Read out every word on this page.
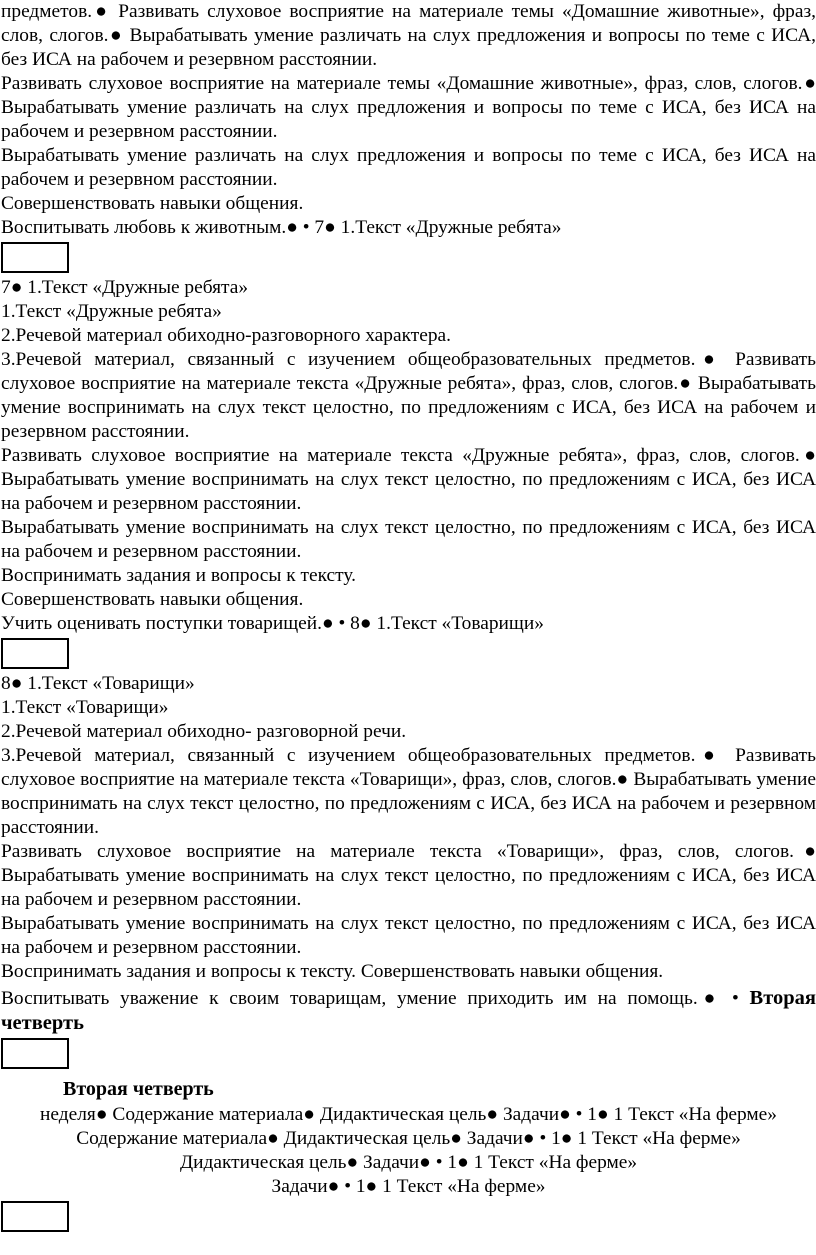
предметов.● Развивать слуховое восприятие на материале темы «Домашние животные», фраз, слов, слогов.● Вырабатывать умение различать на слух предложения и вопросы по теме с ИСА, без ИСА на рабочем и резервном расстоянии.

Развивать слуховое восприятие на материале темы «Домашние животные», фраз, слов, слогов.● Вырабатывать умение различать на слух предложения и вопросы по теме с ИСА, без ИСА на рабочем и резервном расстоянии.

Вырабатывать умение различать на слух предложения и вопросы по теме с ИСА, без ИСА на рабочем и резервном расстоянии.

Совершенствовать навыки общения.

Воспитывать любовь к животным.● • 7● 1.Текст «Дружные ребята»

7● 1.Текст «Дружные ребята»

1.Текст «Дружные ребята»

2.Речевой материал обиходно-разговорного характера.

3.Речевой материал, связанный с изучением общеобразовательных предметов.● Развивать слуховое восприятие на материале текста «Дружные ребята», фраз, слов, слогов.● Вырабатывать умение воспринимать на слух текст целостно, по предложениям с ИСА, без ИСА на рабочем и резервном расстоянии.

Развивать слуховое восприятие на материале текста «Дружные ребята», фраз, слов, слогов.● Вырабатывать умение воспринимать на слух текст целостно, по предложениям с ИСА, без ИСА на рабочем и резервном расстоянии.

Вырабатывать умение воспринимать на слух текст целостно, по предложениям с ИСА, без ИСА на рабочем и резервном расстоянии.

Воспринимать задания и вопросы к тексту.

Совершенствовать навыки общения.

Учить оценивать поступки товарищей.● • 8● 1.Текст «Товарищи»

8● 1.Текст «Товарищи»

1.Текст «Товарищи»

2.Речевой материал обиходно- разговорной речи.

3.Речевой материал, связанный с изучением общеобразовательных предметов.● Развивать слуховое восприятие на материале текста «Товарищи», фраз, слов, слогов.● Вырабатывать умение воспринимать на слух текст целостно, по предложениям с ИСА, без ИСА на рабочем и резервном расстоянии.

Развивать слуховое восприятие на материале текста «Товарищи», фраз, слов, слогов.● Вырабатывать умение воспринимать на слух текст целостно, по предложениям с ИСА, без ИСА на рабочем и резервном расстоянии.

Вырабатывать умение воспринимать на слух текст целостно, по предложениям с ИСА, без ИСА на рабочем и резервном расстоянии.

Воспринимать задания и вопросы к тексту. Совершенствовать навыки общения.

Воспитывать уважение к своим товарищам, умение приходить им на помощь.● • Вторая четверть

Вторая четверть

неделя● Содержание материала● Дидактическая цель● Задачи● • 1● 1 Текст «На ферме»

Содержание материала● Дидактическая цель● Задачи● • 1● 1 Текст «На ферме»

Дидактическая цель● Задачи● • 1● 1 Текст «На ферме»

Задачи● • 1● 1 Текст «На ферме»
